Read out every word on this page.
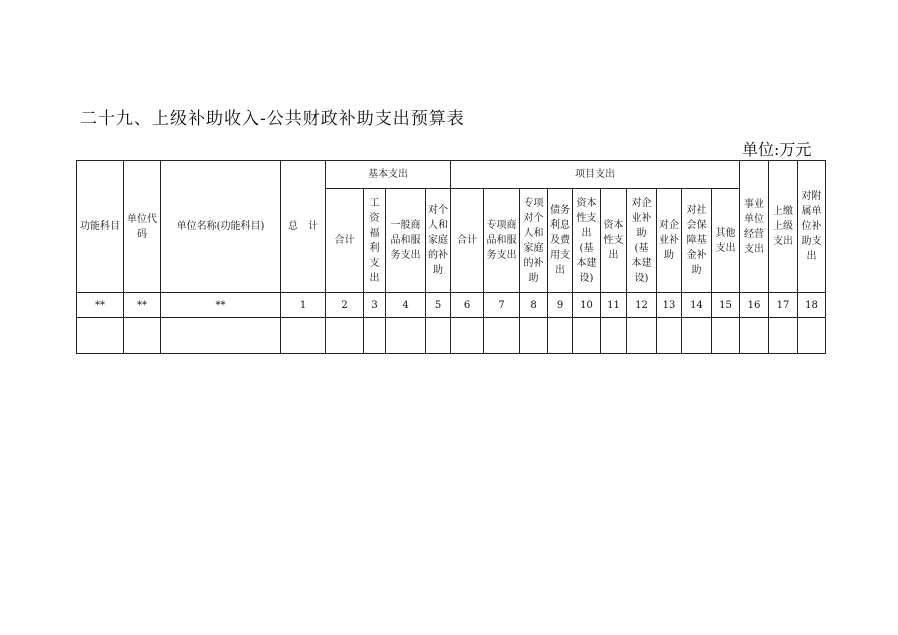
二十九、上级补助收入-公共财政补助支出预算表
单位:万元
功能科目	单位代码	单位名称(功能科目)	总　计	基本支出				项目支出										事业单位经营支出	上缴上级支出	对附属单位补助支出

				合计	工资福利支出	一般商品和服务支出	对个人和家庭的补助	合计	专项商品和服务支出	专项对个人和家庭的补助	债务利息及费用支出	资本性支出(基本建设)	资本性支出	对企业补助(基本建设)	对企业补助	对社会保障基金补助	其他支出			

**	**	**	1	2	3	4	5	6	7	8	9	10	11	12	13	14	15	16	17	18
